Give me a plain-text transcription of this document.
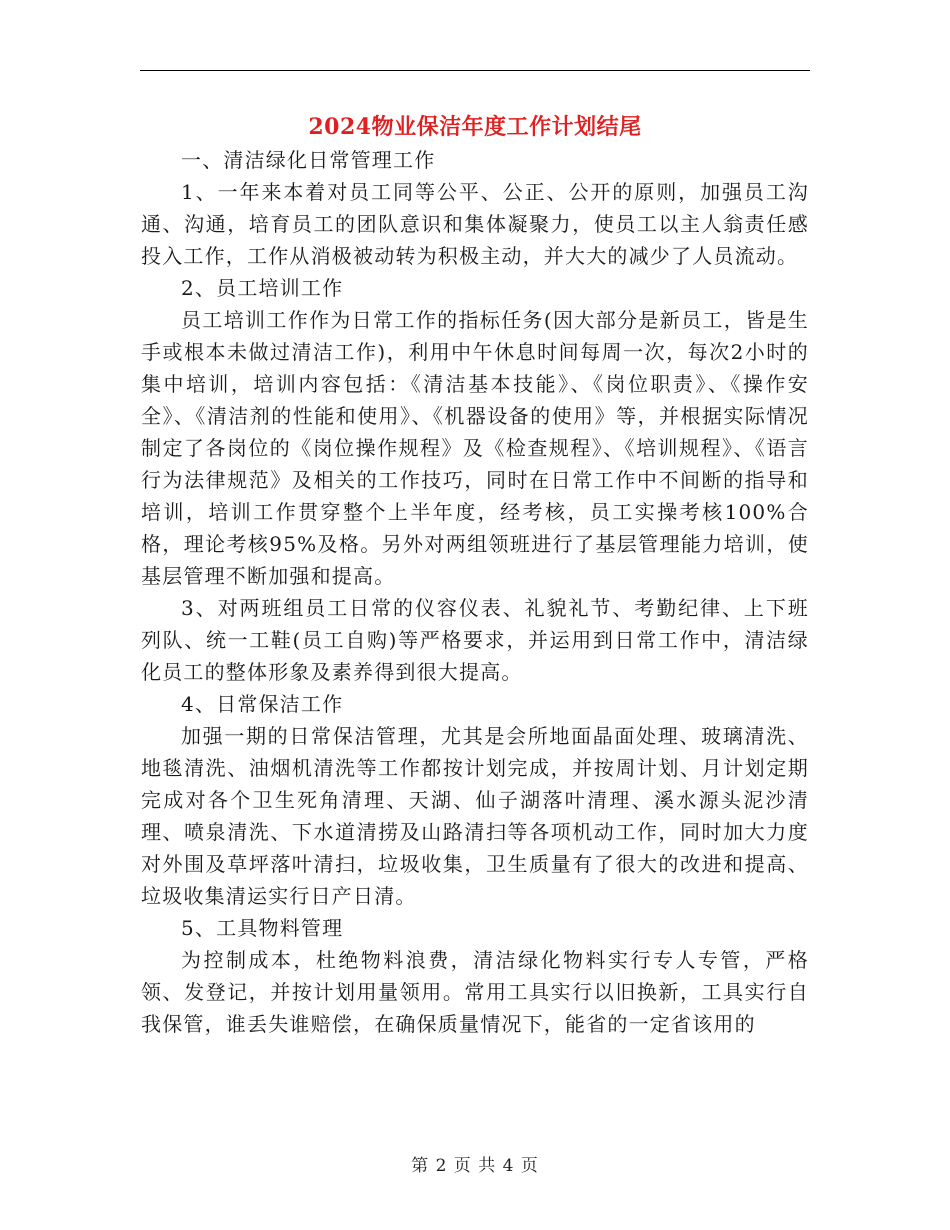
2024物业保洁年度工作计划结尾

一、清洁绿化日常管理工作

1、一年来本着对员工同等公平、公正、公开的原则，加强员工沟通、沟通，培育员工的团队意识和集体凝聚力，使员工以主人翁责任感投入工作，工作从消极被动转为积极主动，并大大的减少了人员流动。

2、员工培训工作

员工培训工作作为日常工作的指标任务(因大部分是新员工，皆是生手或根本未做过清洁工作)，利用中午休息时间每周一次，每次2小时的集中培训，培训内容包括：《清洁基本技能》、《岗位职责》、《操作安全》、《清洁剂的性能和使用》、《机器设备的使用》等，并根据实际情况制定了各岗位的《岗位操作规程》及《检查规程》、《培训规程》、《语言行为法律规范》及相关的工作技巧，同时在日常工作中不间断的指导和培训，培训工作贯穿整个上半年度，经考核，员工实操考核100%合格，理论考核95%及格。另外对两组领班进行了基层管理能力培训，使基层管理不断加强和提高。

3、对两班组员工日常的仪容仪表、礼貌礼节、考勤纪律、上下班列队、统一工鞋(员工自购)等严格要求，并运用到日常工作中，清洁绿化员工的整体形象及素养得到很大提高。

4、日常保洁工作

加强一期的日常保洁管理，尤其是会所地面晶面处理、玻璃清洗、地毯清洗、油烟机清洗等工作都按计划完成，并按周计划、月计划定期完成对各个卫生死角清理、天湖、仙子湖落叶清理、溪水源头泥沙清理、喷泉清洗、下水道清捞及山路清扫等各项机动工作，同时加大力度对外围及草坪落叶清扫，垃圾收集，卫生质量有了很大的改进和提高、垃圾收集清运实行日产日清。

5、工具物料管理

为控制成本，杜绝物料浪费，清洁绿化物料实行专人专管，严格领、发登记，并按计划用量领用。常用工具实行以旧换新，工具实行自我保管，谁丢失谁赔偿，在确保质量情况下，能省的一定省该用的

第 2 页 共 4 页
